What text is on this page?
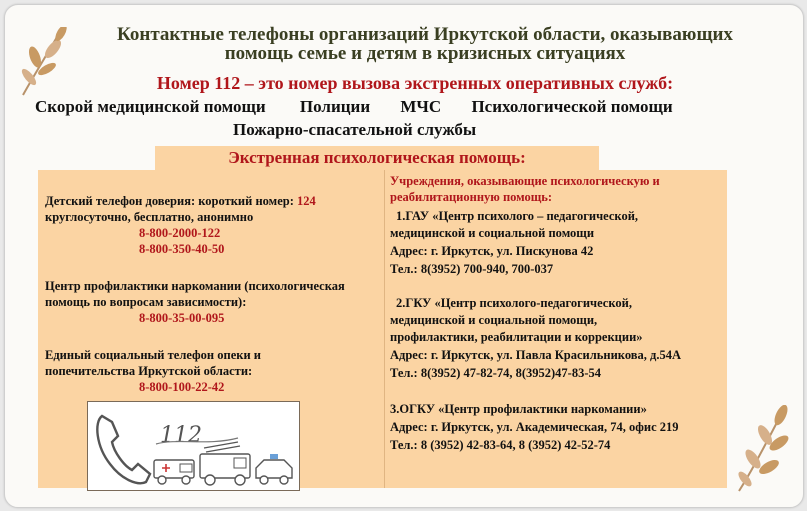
Контактные телефоны организаций Иркутской области, оказывающих
помощь семье и детям в кризисных ситуациях
Номер 112 – это номер вызова экстренных оперативных служб:
Скорой медицинской помощи Полиции МЧС Психологической помощи
Пожарно-спасательной службы
Экстренная психологическая помощь:
Детский телефон доверия: короткий номер: 124
круглосуточно, бесплатно, анонимно
8-800-2000-122
8-800-350-40-50
Центр профилактики наркомании (психологическая
помощь по вопросам зависимости):
8-800-35-00-095
Единый социальный телефон опеки и
попечительства Иркутской области:
8-800-100-22-42
112
Учреждения, оказывающие психологическую и
реабилитационную помощь:
1.ГАУ «Центр психолого – педагогической,
медицинской и социальной помощи
Адрес: г. Иркутск, ул. Пискунова 42
Тел.: 8(3952) 700-940, 700-037
2.ГКУ «Центр психолого-педагогической,
медицинской и социальной помощи,
профилактики, реабилитации и коррекции»
Адрес: г. Иркутск, ул. Павла Красильникова, д.54А
Тел.: 8(3952) 47-82-74, 8(3952)47-83-54
3.ОГКУ «Центр профилактики наркомании»
Адрес: г. Иркутск, ул. Академическая, 74, офис 219
Тел.: 8 (3952) 42-83-64, 8 (3952) 42-52-74
